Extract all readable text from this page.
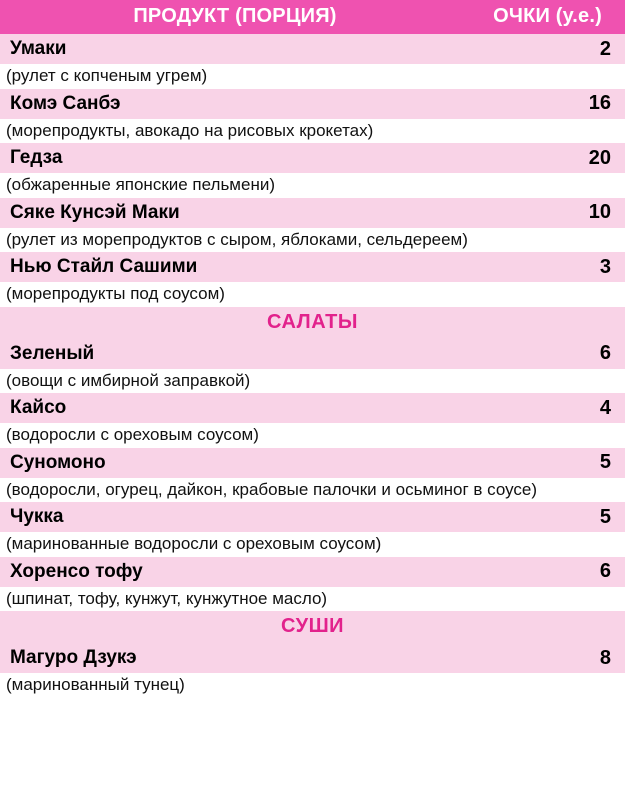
ПРОДУКТ (ПОРЦИЯ)	ОЧКИ (у.е.)

Умаки	2
(рулет с копченым угрем)	
Комэ Санбэ	16
(морепродукты, авокадо на рисовых крокетах)	
Гедза	20
(обжаренные японские пельмени)	
Сяке Кунсэй Маки	10
(рулет из морепродуктов с сыром, яблоками, сельдереем)	
Нью Стайл Сашими	3
(морепродукты под соусом)	
САЛАТЫ	
Зеленый	6
(овощи с имбирной заправкой)	
Кайсо	4
(водоросли с ореховым соусом)	
Суномоно	5
(водоросли, огурец, дайкон, крабовые палочки и осьминог в соусе)	
Чукка	5
(маринованные водоросли с ореховым соусом)	
Хоренсо тофу	6
(шпинат, тофу, кунжут, кунжутное масло)	
СУШИ	
Магуро Дзукэ	8
(маринованный тунец)	
